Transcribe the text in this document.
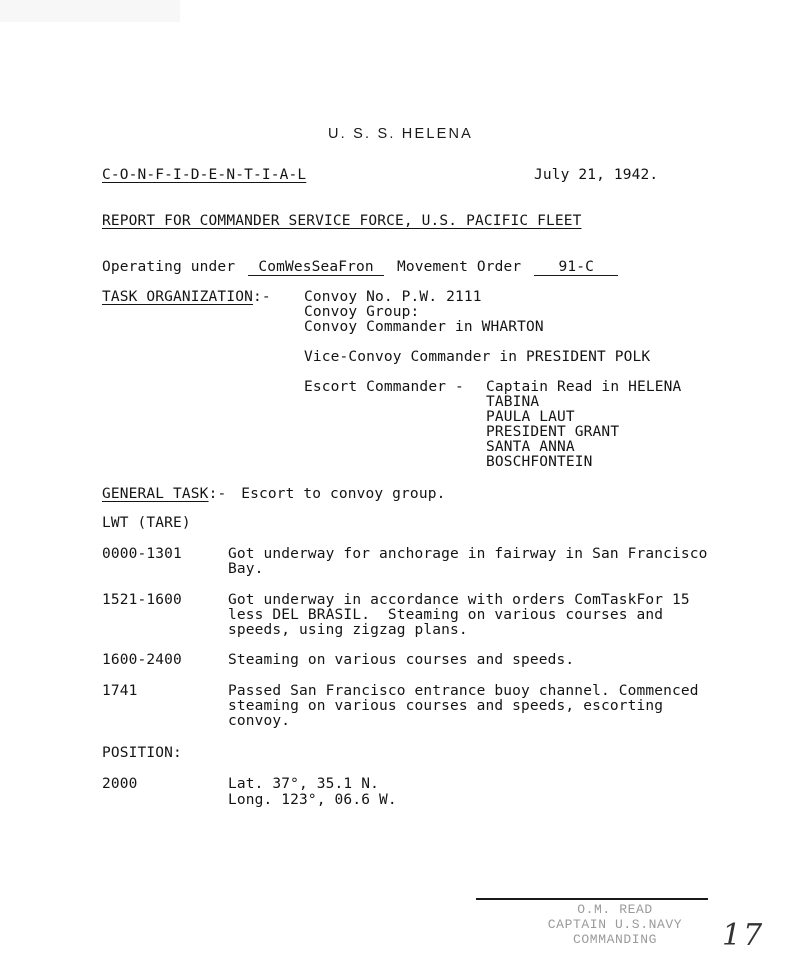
U. S. S. HELENA
C-O-N-F-I-D-E-N-T-I-A-L	July 21, 1942.
REPORT FOR COMMANDER SERVICE FORCE, U.S. PACIFIC FLEET
Operating under ComWesSeaFron Movement Order	91-C
TASK ORGANIZATION:- Convoy No. P.W. 2111
Convoy Group:
Convoy Commander in WHARTON
Vice-Convoy Commander in PRESIDENT POLK
Escort Commander - Captain Read in HELENA
TABINA
PAULA LAUT
PRESIDENT GRANT
SANTA ANNA
BOSCHFONTEIN
GENERAL TASK:- Escort to convoy group.
LWT (TARE)
0000-1301	Got underway for anchorage in fairway in San Francisco
Bay.
1521-1600	Got underway in accordance with orders ComTaskFor 15
less DEL BRASIL.  Steaming on various courses and
speeds, using zigzag plans.
1600-2400	Steaming on various courses and speeds.
1741	Passed San Francisco entrance buoy channel. Commenced
steaming on various courses and speeds, escorting
convoy.
POSITION:
2000	Lat. 37°, 35.1 N.
Long. 123°, 06.6 W.
O.M. READ
CAPTAIN U.S.NAVY
COMMANDING	17
